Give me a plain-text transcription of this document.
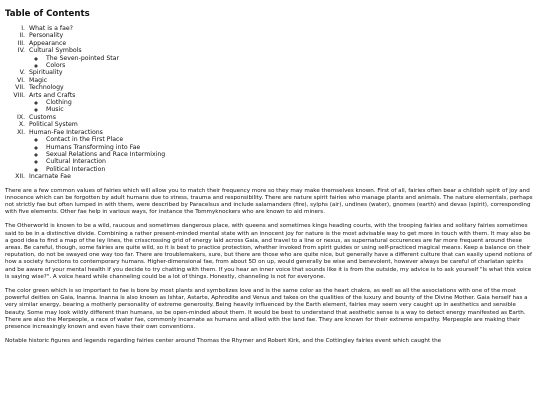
Table of Contents
I. What is a fae?
II. Personality
III. Appearance
IV. Cultural Symbols
◦ The Seven-pointed Star
◦ Colors
V. Spirituality
VI. Magic
VII. Technology
VIII. Arts and Crafts
◦ Clothing
◦ Music
IX. Customs
X. Political System
XI. Human-Fae Interactions
◦ Contact in the First Place
◦ Humans Transforming into Fae
◦ Sexual Relations and Race Intermixing
◦ Cultural Interaction
◦ Political Interaction
XII. Incarnate Fae

There are a few common values of fairies which will allow you to match their frequency more so they may make themselves known. First of all, fairies often bear a childish spirit of joy and innocence which can be forgotten by adult humans due to stress, trauma and responsibility. There are nature spirit fairies who manage plants and animals. The nature elementals, perhaps not strictly fae but often lumped in with them, were described by Paracelsus and include salamanders (fire), sylphs (air), undines (water), gnomes (earth) and devas (spirit), corresponding with five elements. Other fae help in various ways, for instance the Tommyknockers who are known to aid miners.

The Otherworld is known to be a wild, raucous and sometimes dangerous place, with queens and sometimes kings heading courts, with the trooping fairies and solitary fairies sometimes said to be in a distinctive divide. Combining a rather present-minded mental state with an innocent joy for nature is the most advisable way to get more in touch with them. It may also be a good idea to find a map of the ley lines, the crisscrossing grid of energy laid across Gaia, and travel to a line or nexus, as supernatural occurences are far more frequent around these areas. Be careful, though, some fairies are quite wild, so it is best to practice protection, whether invoked from spirit guides or using self-practiced magical means. Keep a balance on their reputation, do not be swayed one way too far. There are troublemakers, sure, but there are those who are quite nice, but generally have a different culture that can easily upend notions of how a society functions to contemporary humans. Higher-dimensional fae, from about 5D on up, would generally be wise and benevolent, however always be careful of charlatan spirits and be aware of your mental health if you decide to try chatting with them. If you hear an inner voice that sounds like it is from the outside, my advice is to ask yourself "Is what this voice is saying wise?". A voice heard while channeling could be a lot of things. Honestly, channeling is not for everyone.

The color green which is so important to fae is bore by most plants and symbolizes love and is the same color as the heart chakra, as well as all the associations with one of the most powerful deities on Gaia, Inanna. Inanna is also known as Ishtar, Astarte, Aphrodite and Venus and takes on the qualities of the luxury and bounty of the Divine Mother. Gaia herself has a very similar energy, bearing a motherly personality of extreme generosity. Being heavily influenced by the Earth element, fairies may seem very caught up in aesthetics and sensible beauty. Some may look wildly different than humans, so be open-minded about them. It would be best to understand that aesthetic sense is a way to detect energy manifested as Earth. There are also the Merpeople, a race of water fae, commonly incarnate as humans and allied with the land fae. They are known for their extreme empathy. Merpeople are making their presence increasingly known and even have their own conventions.

Notable historic figures and legends regarding fairies center around Thomas the Rhymer and Robert Kirk, and the Cottingley fairies event which caught the
